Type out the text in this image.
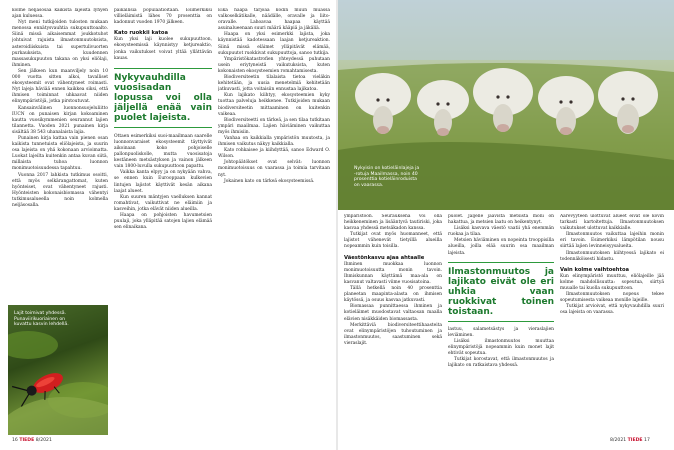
kolme neljäsosaa kaikista lajeista lyhyen ajan kuluessa.

Nyt meni tutkijoiden tulosten mukaan menossa ennätysvauhtia sukupuuttoaalto. Siinä missä aikaisemmat joukkotuhot johtuivat rajuista ilmastonmuutoksista, asteroidiiskuista tai supertulivuorten purkauksista, kuudennen massasukupuuton takana on yksi eliölaji, ihminen.

Sen jälkeen kun maanviljely noin 10 000 vuotta sitten alkoi, tavalliset ekosysteemit ovat vähentyneet roimasti. Nyt lajeja häviää ennen kaikkea siksi, että ihmisen toiminnat uhkaavat niiden elinympäristöjä, jotka pirstoutuvat.

Kansainvälinen luonnonsuojeluliitto IUCN on punaisen kirjan kokoaminen kautta vuosikymmenien seurannut lajien tilannetta. Vuoden 2021 punainen kirja sisältää 38 543 uhanalaista lajia.

Punainen kirja kattaa vain pienen osan kaikista tunnetuista eliölajeista, ja suurin osa lajeista on yhä kokonaan arvioimatta. Luokat lajeilta kuitenkin antaa kuvan siitä, millaista tuhoa luonnon monimuotoisuudessa tapahtuu.

Vuonna 2017 lahkista tutkimus osoitti, että myös selkärangattomat, kuten hyönteiset, ovat vähentyneet rajusti. Hyönteisten kokonaisbiomassa vähentyi tutkimusalueella noin kolmella neljäsosalla.

paikallisia populaatioitaan. Esimerkiksi villieläimistä lähes 70 prosenttia on kadonnut vuoden 1970 jälkeen.

Kato ruokkii katoa

Kun yksi laji kuolee sukupuuttoon, ekosysteemissä käynnistyy ketjureaktio, jonka vaikutukset voivat yltää yllättävän kauas.

Nykyvauhdilla vuosisadan lopussa voi olla jäljellä enää vain puolet lajeista.

Ottaen esimerkiksi suoi-maailmaan saarelle luonnonvaraiset ekosysteemit täyttyivät aikoinaan koko pohjoiselle pallonpuoliskolle, mutta vuosisatoja kestäneen metsästyksen ja vainon jälkeen vain 1800-luvulla sukupuuttoon papattu.

Vaikka kanta elpyy ja on nykyään vahva, se ennen kuin Eurooppaan kulkevien lintujen lajistot käyttivät kesän aikana laajat alueet.

Kun suuren mäntyjen vaelluksen kannat romahtivat, vaikuttivat ne eläimiin ja kasveihin, jotka elävät niiden alueilla.

Haapa on pohjoisten havumetsien puulaji, joka ylläpitää satojen lajien elämää sen elinaikana.

Eikä haapa tarjoaa kodin muun muassa valkoselkätikalle, näädälle, oravalle ja liito-oravalle. Lahoavaa haapaa käyttää asuinalueenaan suuri määrä kääpiä ja jäkäliä.

Haapa on yksi esimerkki lajista, joka käynnistää kadotessaan laajan ketjureaktion. Siinä missä eläimet ylläpitävät elämää, sukupuutot ruokkivat sukupuuttoja, sanoo tutkija.

Ympäristökatastrofien yhteydessä puhutaan usein eriytyneistä vaikutuksista, kuten kokonaisten ekosysteemien romahtamisesta.

Biodiversiteetin tilalaista tietoa vieläkin kehitetään, ja uusia menetelmiä kehitetään jatkuvasti, jotta voitaisiin ennustaa lajikatoa.

Kun lajikato kiihtyy, ekosysteemien kyky tuottaa palveluja heikkenee. Tutkijoiden mukaan biodiversiteetin mittaaminen on kuitenkin vaikeaa.

Biodiversiteetti on tärkeä, ja sen tilaa tutkitaan ympäri maailmaa. Lajien häviäminen vaikuttaa myös ihmisiin.

Vanhaa on kaikkialla ympäristön muutosta, ja ihmisen vaikutus näkyy kaikkialla.

Kato rohkaisee ja kiihdyttää, sanoo Edward O. Wilson.

Johtopäätökset ovat selvät: luonnon monimuotoisuus on vaarassa ja toimia tarvitaan nyt.

Jokainen kato on tärkeä ekosysteemissä.

Lajit toimivat yhdessä. Punaviirikuoriainen on kuvattu kasvin lehdellä.
16 TIEDE 8/2021
Nykyisin on kotieläinlajeja ja -rotuja Maailmassa, noin 40 prosenttia kotieläinroduista on vaarassa.

ympäristöön. Seurauksena voi olla heikkeneminen ja lisääntyvä tautiriski, joka kasvaa yhdessä metsäkadon kanssa.

Tutkijat ovat myös huomanneet, että lajistot vähenevät tietyillä alueilla nopeammin kuin toisilla.

Väestönkasvu ajaa ahtaalle

Ihminen muokkaa luonnon monimuotoisuutta monin tavoin. Ihmiskunnan käyttämä maa-ala on kasvanut valtavasti viime vuosisatoina.

Tällä hetkellä noin 40 prosenttia planeetan maapinta-alasta on ihmisen käytössä, ja osuus kasvaa jatkuvasti.

Biomassaa punnittaessa ihminen ja kotieläimet muodostavat valtaosan maalla elävien nisäkkäiden biomassasta.

Merkittäviä biodiversiteettihaasteita ovat elinympäristöjen tuhoutuminen ja ilmastonmuutos, saastuminen sekä vieraslajit.

puolet. Jäljelle jäävistä metsistä moni on hakattua, ja metsien laatu on heikentynyt.

Lisäksi kasvava väestö vaatii yhä enemmän ruokaa ja tilaa.

Metsien häviäminen on nopeinta trooppisilla alueilla, joilla elää suurin osa maailman lajeista.

Ilmastonmuutos ja lajikato eivät ole eri uhkia vaan ruokkivat toinen toistaan.

lastuu, salametsästys ja vieraslajien leviäminen.

Lisäksi ilmastonmuutos muuttaa elinympäristöjä nopeammin kuin monet lajit ehtivät sopeutua.

Tutkijat korostavat, että ilmastonmuutos ja lajikato on ratkaistava yhdessä.

Äärevyyteen ulottuvat alueet eivät ole kovin tarkasti kartoitettuja. Ilmastonmuutoksen vaikutukset ulottuvat kaikkialle.

Ilmastonmuutos vaikuttaa lajeihin monin eri tavoin. Esimerkiksi lämpötilan nousu siirtää lajien levinneisyysalueita.

Ilmastonmuutoksen kiihtyessä lajikato ei todennäköisesti hidastu.

Vain kolme vaihtoehtoa

Kun elinympäristö muuttuu, eliölajeille jää kolme mahdollisuutta: sopeutua, siirtyä muualle tai kuolla sukupuuttoon.

Ilmastonmuutoksen nopeus tekee sopeutumisesta vaikeaa monille lajeille.

Tutkijat arvioivat, että nykyvauhdilla suuri osa lajeista on vaarassa.

8/2021 TIEDE 17
